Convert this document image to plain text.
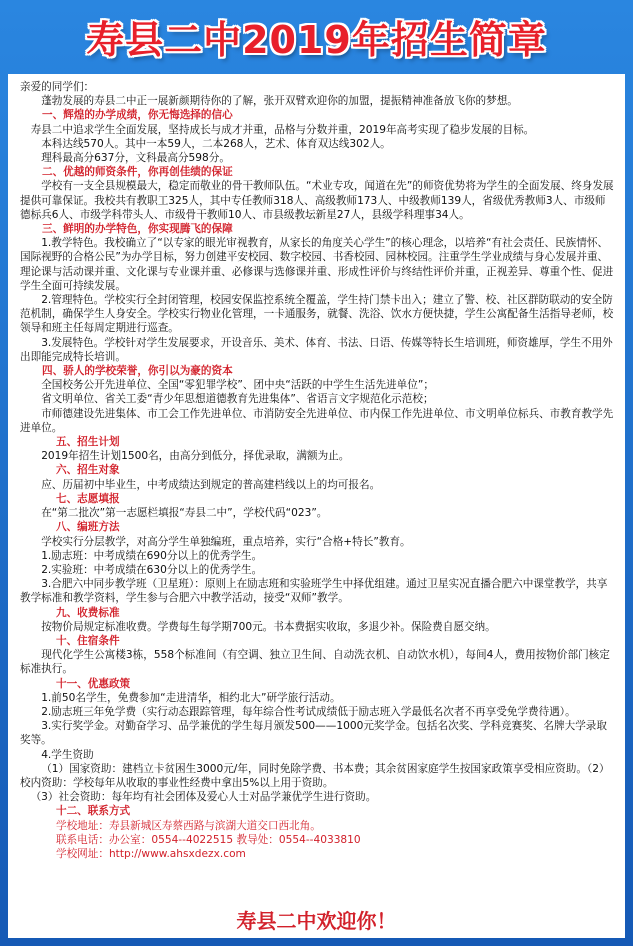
寿县二中2019年招生简章

亲爱的同学们：

蓬勃发展的寿县二中正一展新颜期待你的了解，张开双臂欢迎你的加盟，提振精神准备放飞你的梦想。

一、辉煌的办学成绩，你无悔选择的信心

寿县二中追求学生全面发展，坚持成长与成才并重，品格与分数并重，2019年高考实现了稳步发展的目标。

本科达线570人。其中一本59人，二本268人，艺术、体育双达线302人。

理科最高分637分，文科最高分598分。

二、优越的师资条件，你再创佳绩的保证

学校有一支全县规模最大，稳定而敬业的骨干教师队伍。“术业专攻，闻道在先”的师资优势将为学生的全面发展、终身发展提供可靠保证。我校共有教职工325人，其中专任教师318人、高级教师173人、中级教师139人，省级优秀教师3人、市级师德标兵6人、市级学科带头人、市级骨干教师10人、市县级教坛新星27人，县级学科理事34人。

三、鲜明的办学特色，你实现腾飞的保障

1.教学特色。我校确立了“以专家的眼光审视教育，从家长的角度关心学生”的核心理念，以培养“有社会责任、民族情怀、国际视野的合格公民”为办学目标，努力创建平安校园、数字校园、书香校园、园林校园。注重学生学业成绩与身心发展并重、理论课与活动课并重、文化课与专业课并重、必修课与选修课并重、形成性评价与终结性评价并重，正视差异、尊重个性、促进学生全面可持续发展。

2.管理特色。学校实行全封闭管理，校园安保监控系统全覆盖，学生持门禁卡出入；建立了警、校、社区群防联动的安全防范机制，确保学生人身安全。学校实行物业化管理，一卡通服务，就餐、洗浴、饮水方便快捷，学生公寓配备生活指导老师，校领导和班主任每周定期进行巡查。

3.发展特色。学校针对学生发展要求，开设音乐、美术、体育、书法、日语、传媒等特长生培训班，师资雄厚，学生不用外出即能完成特长培训。

四、骄人的学校荣誉，你引以为豪的资本

全国校务公开先进单位、全国“零犯罪学校”、团中央“活跃的中学生生活先进单位”；

省文明单位、省关工委“青少年思想道德教育先进集体”、省语言文字规范化示范校；

市师德建设先进集体、市工会工作先进单位、市消防安全先进单位、市内保工作先进单位、市文明单位标兵、市教育教学先进单位。

五、招生计划

2019年招生计划1500名，由高分到低分，择优录取，满额为止。

六、招生对象

应、历届初中毕业生，中考成绩达到规定的普高建档线以上的均可报名。

七、志愿填报

在“第二批次”第一志愿栏填报“寿县二中”，学校代码“023”。

八、编班方法

学校实行分层教学，对高分学生单独编班，重点培养，实行“合格+特长”教育。

1.励志班：中考成绩在690分以上的优秀学生。

2.实验班：中考成绩在630分以上的优秀学生。

3.合肥六中同步教学班（卫星班）：原则上在励志班和实验班学生中择优组建。通过卫星实况直播合肥六中课堂教学，共享教学标准和教学资料，学生参与合肥六中教学活动，接受“双师”教学。

九、收费标准

按物价局规定标准收费。学费每生每学期700元。书本费据实收取，多退少补。保险费自愿交纳。

十、住宿条件

现代化学生公寓楼3栋，558个标准间（有空调、独立卫生间、自动洗衣机、自动饮水机），每间4人，费用按物价部门核定标准执行。

十一、优惠政策

1.前50名学生，免费参加“走进清华，相约北大”研学旅行活动。

2.励志班三年免学费（实行动态跟踪管理，每年综合性考试成绩低于励志班入学最低名次者不再享受免学费待遇）。

3.实行奖学金。对勤奋学习、品学兼优的学生每月颁发500——1000元奖学金。包括名次奖、学科竞赛奖、名牌大学录取奖等。

4.学生资助

（1）国家资助：建档立卡贫困生3000元/年，同时免除学费、书本费；其余贫困家庭学生按国家政策享受相应资助。（2）校内资助：学校每年从收取的事业性经费中拿出5%以上用于资助。

（3）社会资助：每年均有社会团体及爱心人士对品学兼优学生进行资助。

十二、联系方式

学校地址：寿县新城区寿蔡西路与滨湖大道交口西北角。

联系电话：办公室：0554--4022515 教导处：0554--4033810

学校网址：http://www.ahsxdezx.com

寿县二中欢迎你！
